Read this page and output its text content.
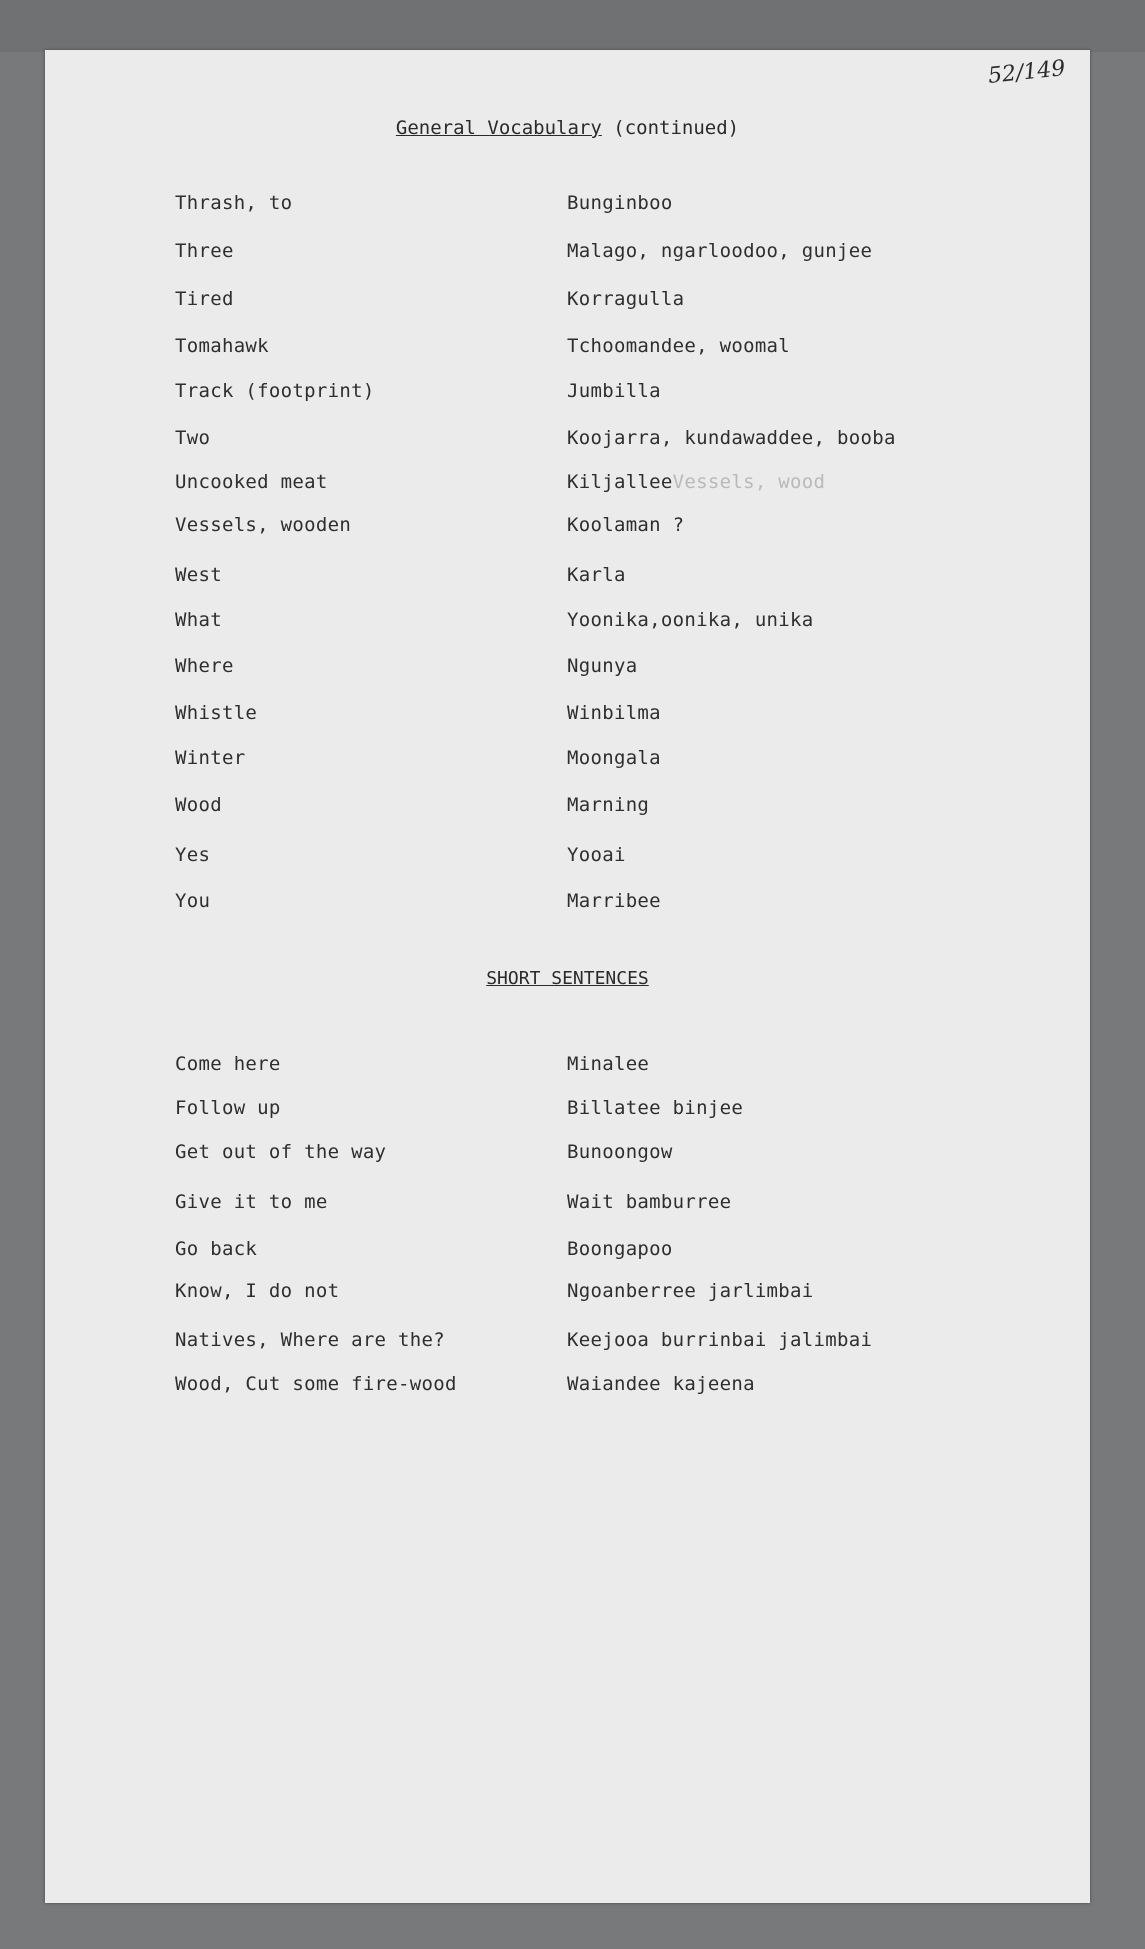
52/149
General Vocabulary (continued)
Thrash, to	Bunginboo
Three	Malago, ngarloodoo, gunjee
Tired	Korragulla
Tomahawk	Tchoomandee, woomal
Track (footprint)	Jumbilla
Two	Koojarra, kundawaddee, booba
Uncooked meat	KiljalleeVessels, wood
Vessels, wooden	Koolaman ?
West	Karla
What	Yoonika,oonika, unika
Where	Ngunya
Whistle	Winbilma
Winter	Moongala
Wood	Marning
Yes	Yooai
You	Marribee
SHORT SENTENCES
Come here	Minalee
Follow up	Billatee binjee
Get out of the way	Bunoongow
Give it to me	Wait bamburree
Go back	Boongapoo
Know, I do not	Ngoanberree jarlimbai
Natives, Where are the?	Keejooa burrinbai jalimbai
Wood, Cut some fire-wood	Waiandee kajeena
